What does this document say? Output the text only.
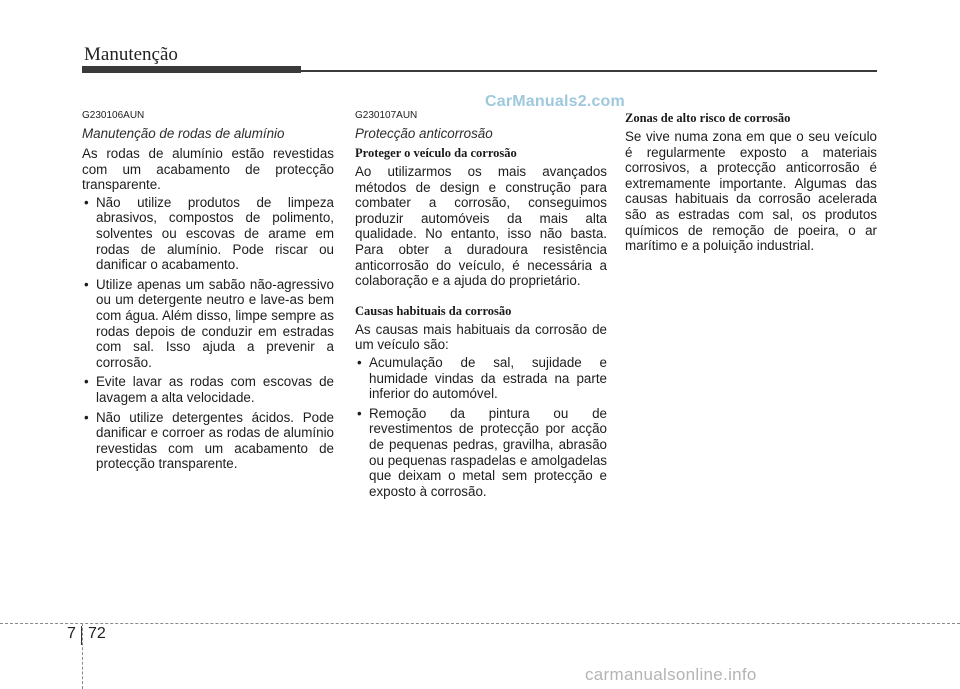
Manutenção
CarManuals2.com
G230106AUN
Manutenção de rodas de alumínio

As rodas de alumínio estão revestidas com um acabamento de protecção transparente.

• Não utilize produtos de limpeza abrasivos, compostos de polimento, solventes ou escovas de arame em rodas de alumínio. Pode riscar ou danificar o acabamento.
• Utilize apenas um sabão não-agressivo ou um detergente neutro e lave-as bem com água. Além disso, limpe sempre as rodas depois de conduzir em estradas com sal. Isso ajuda a prevenir a corrosão.
• Evite lavar as rodas com escovas de lavagem a alta velocidade.
• Não utilize detergentes ácidos. Pode danificar e corroer as rodas de alumínio revestidas com um acabamento de protecção transparente.
G230107AUN
Protecção anticorrosão
Proteger o veículo da corrosão

Ao utilizarmos os mais avançados métodos de design e construção para combater a corrosão, conseguimos produzir automóveis da mais alta qualidade. No entanto, isso não basta. Para obter a duradoura resistência anticorrosão do veículo, é necessária a colaboração e a ajuda do proprietário.

Causas habituais da corrosão

As causas mais habituais da corrosão de um veículo são:

• Acumulação de sal, sujidade e humidade vindas da estrada na parte inferior do automóvel.
• Remoção da pintura ou de revestimentos de protecção por acção de pequenas pedras, gravilha, abrasão ou pequenas raspadelas e amolgadelas que deixam o metal sem protecção e exposto à corrosão.
Zonas de alto risco de corrosão

Se vive numa zona em que o seu veículo é regularmente exposto a materiais corrosivos, a protecção anticorrosão é extremamente importante. Algumas das causas habituais da corrosão acelerada são as estradas com sal, os produtos químicos de remoção de poeira, o ar marítimo e a poluição industrial.

7 72
carmanualsonline.info
